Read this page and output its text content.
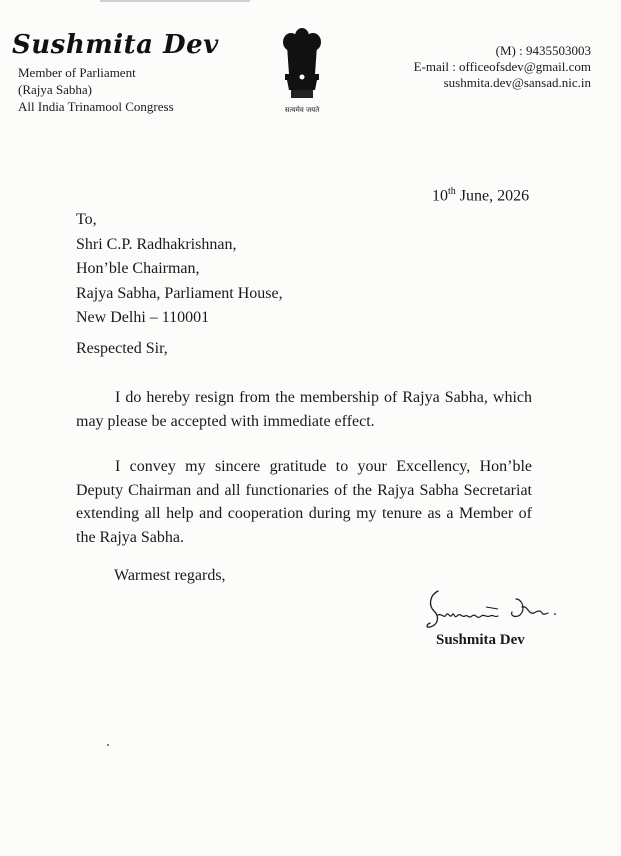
Sushmita Dev
Member of Parliament
(Rajya Sabha)
All India Trinamool Congress	सत्यमेव जयते
(M) : 9435503003
E-mail : officeofsdev@gmail.com
sushmita.dev@sansad.nic.in
10th June, 2026
To,
Shri C.P. Radhakrishnan,
Hon’ble Chairman,
Rajya Sabha, Parliament House,
New Delhi – 110001
Respected Sir,
I do hereby resign from the membership of Rajya Sabha, which may please be accepted with immediate effect.
I convey my sincere gratitude to your Excellency, Hon’ble Deputy Chairman and all functionaries of the Rajya Sabha Secretariat extending all help and cooperation during my tenure as a Member of the Rajya Sabha.
Warmest regards,
Sushmita Dev
